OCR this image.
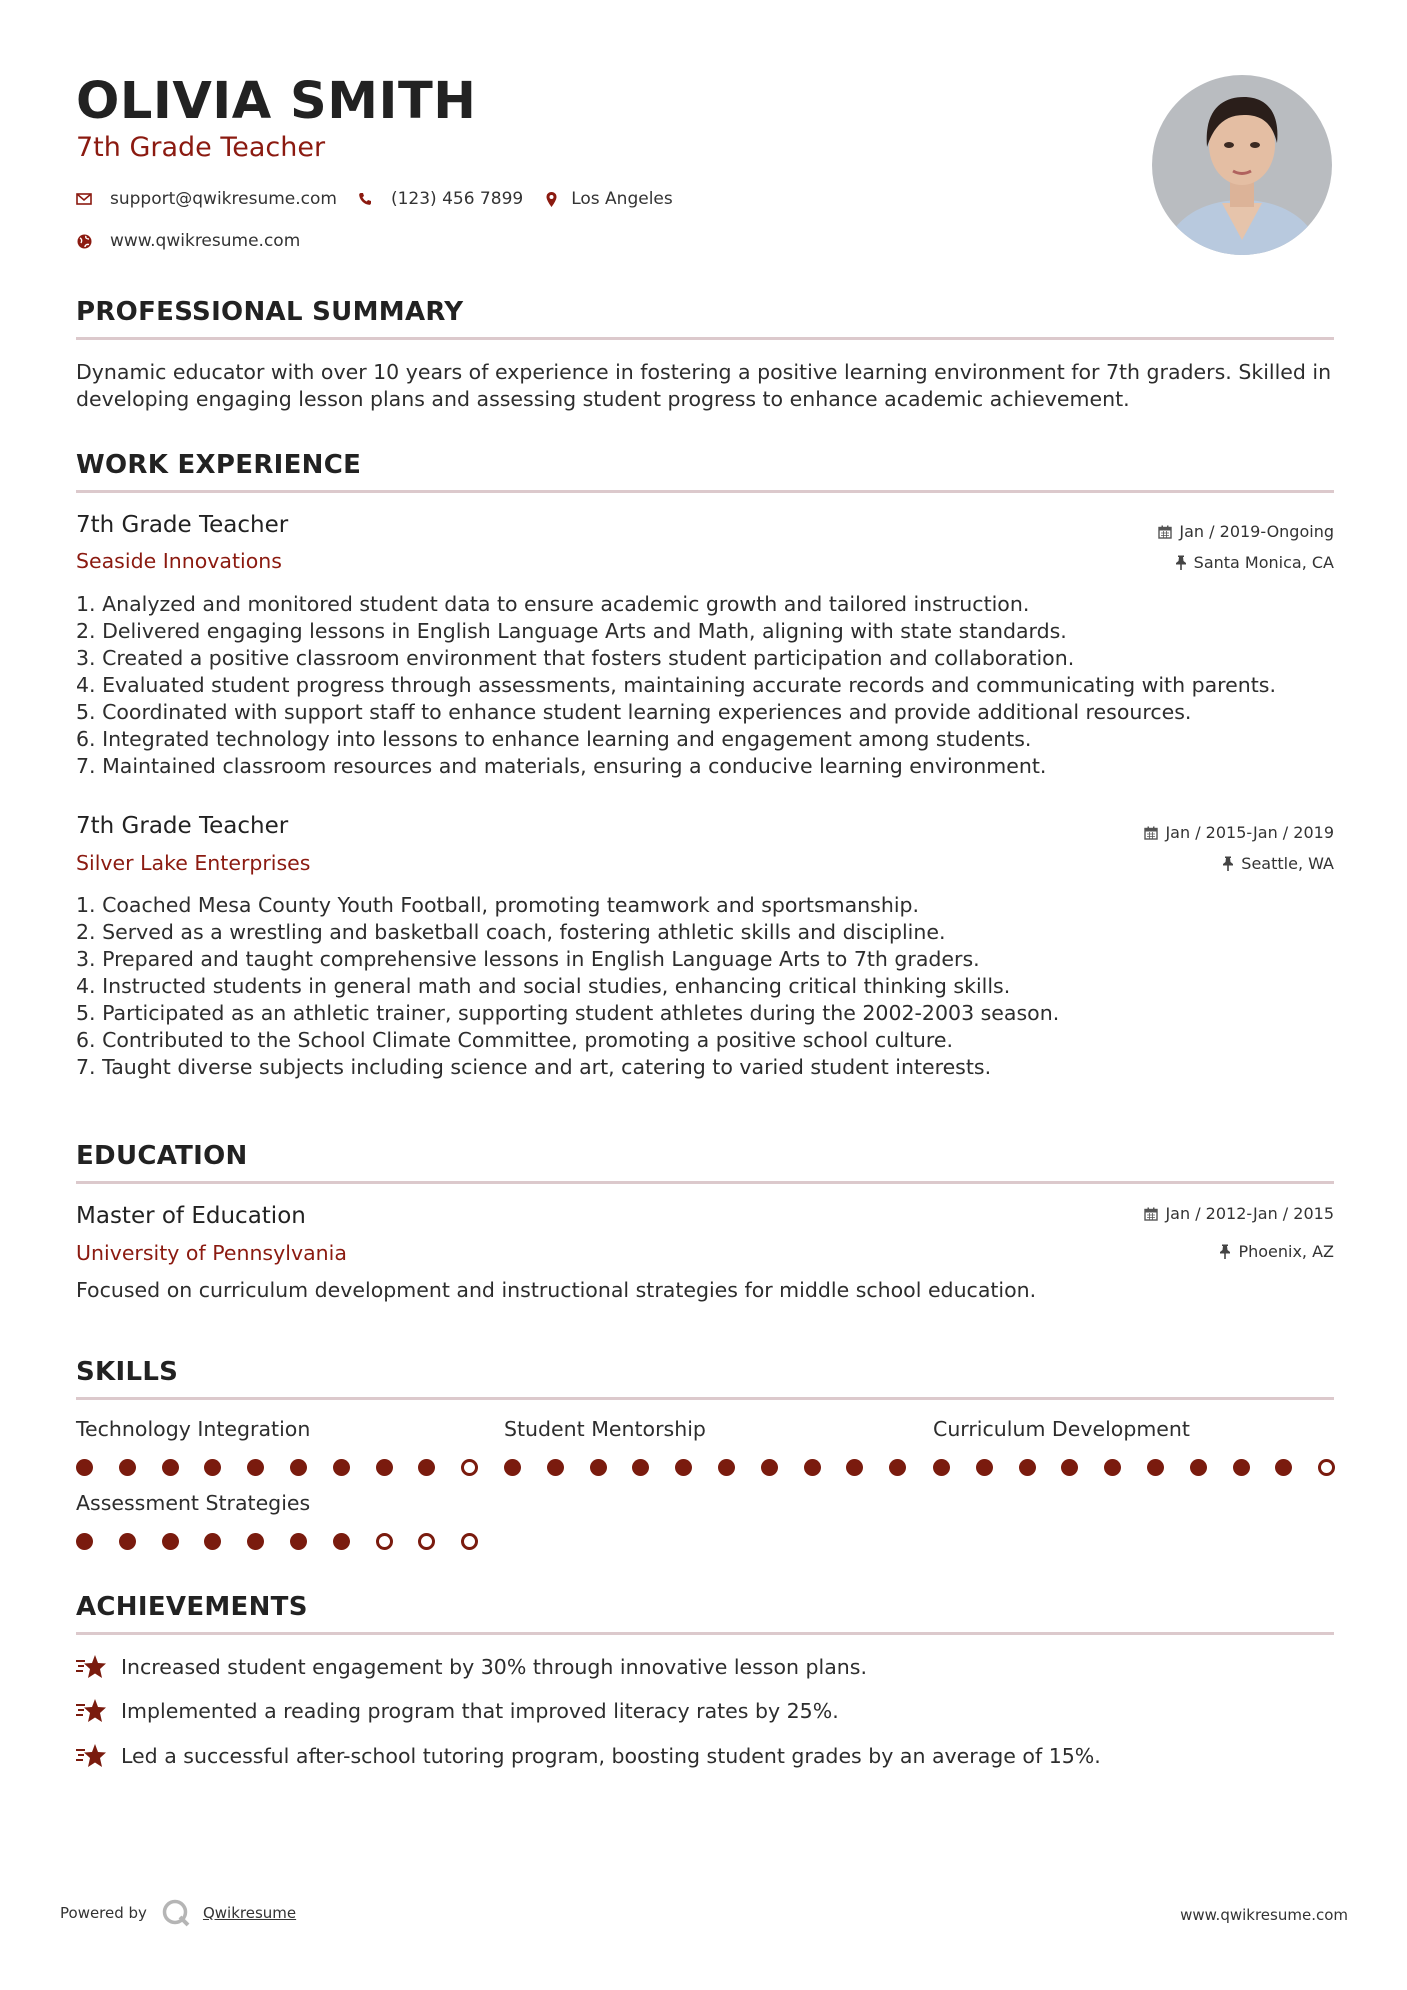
OLIVIA SMITH
7th Grade Teacher
support@qwikresume.com	(123) 456 7899	Los Angeles
www.qwikresume.com
PROFESSIONAL SUMMARY
Dynamic educator with over 10 years of experience in fostering a positive learning environment for 7th graders. Skilled in developing engaging lesson plans and assessing student progress to enhance academic achievement.
WORK EXPERIENCE
7th Grade Teacher
Seaside Innovations
Jan / 2019-Ongoing
Santa Monica, CA
1. Analyzed and monitored student data to ensure academic growth and tailored instruction.
2. Delivered engaging lessons in English Language Arts and Math, aligning with state standards.
3. Created a positive classroom environment that fosters student participation and collaboration.
4. Evaluated student progress through assessments, maintaining accurate records and communicating with parents.
5. Coordinated with support staff to enhance student learning experiences and provide additional resources.
6. Integrated technology into lessons to enhance learning and engagement among students.
7. Maintained classroom resources and materials, ensuring a conducive learning environment.
7th Grade Teacher
Silver Lake Enterprises
Jan / 2015-Jan / 2019
Seattle, WA
1. Coached Mesa County Youth Football, promoting teamwork and sportsmanship.
2. Served as a wrestling and basketball coach, fostering athletic skills and discipline.
3. Prepared and taught comprehensive lessons in English Language Arts to 7th graders.
4. Instructed students in general math and social studies, enhancing critical thinking skills.
5. Participated as an athletic trainer, supporting student athletes during the 2002-2003 season.
6. Contributed to the School Climate Committee, promoting a positive school culture.
7. Taught diverse subjects including science and art, catering to varied student interests.
EDUCATION
Master of Education
University of Pennsylvania
Jan / 2012-Jan / 2015
Phoenix, AZ
Focused on curriculum development and instructional strategies for middle school education.
SKILLS
Technology Integration	Student Mentorship	Curriculum Development
Assessment Strategies
ACHIEVEMENTS
Increased student engagement by 30% through innovative lesson plans.
Implemented a reading program that improved literacy rates by 25%.
Led a successful after-school tutoring program, boosting student grades by an average of 15%.
Powered by	Qwikresume	www.qwikresume.com
